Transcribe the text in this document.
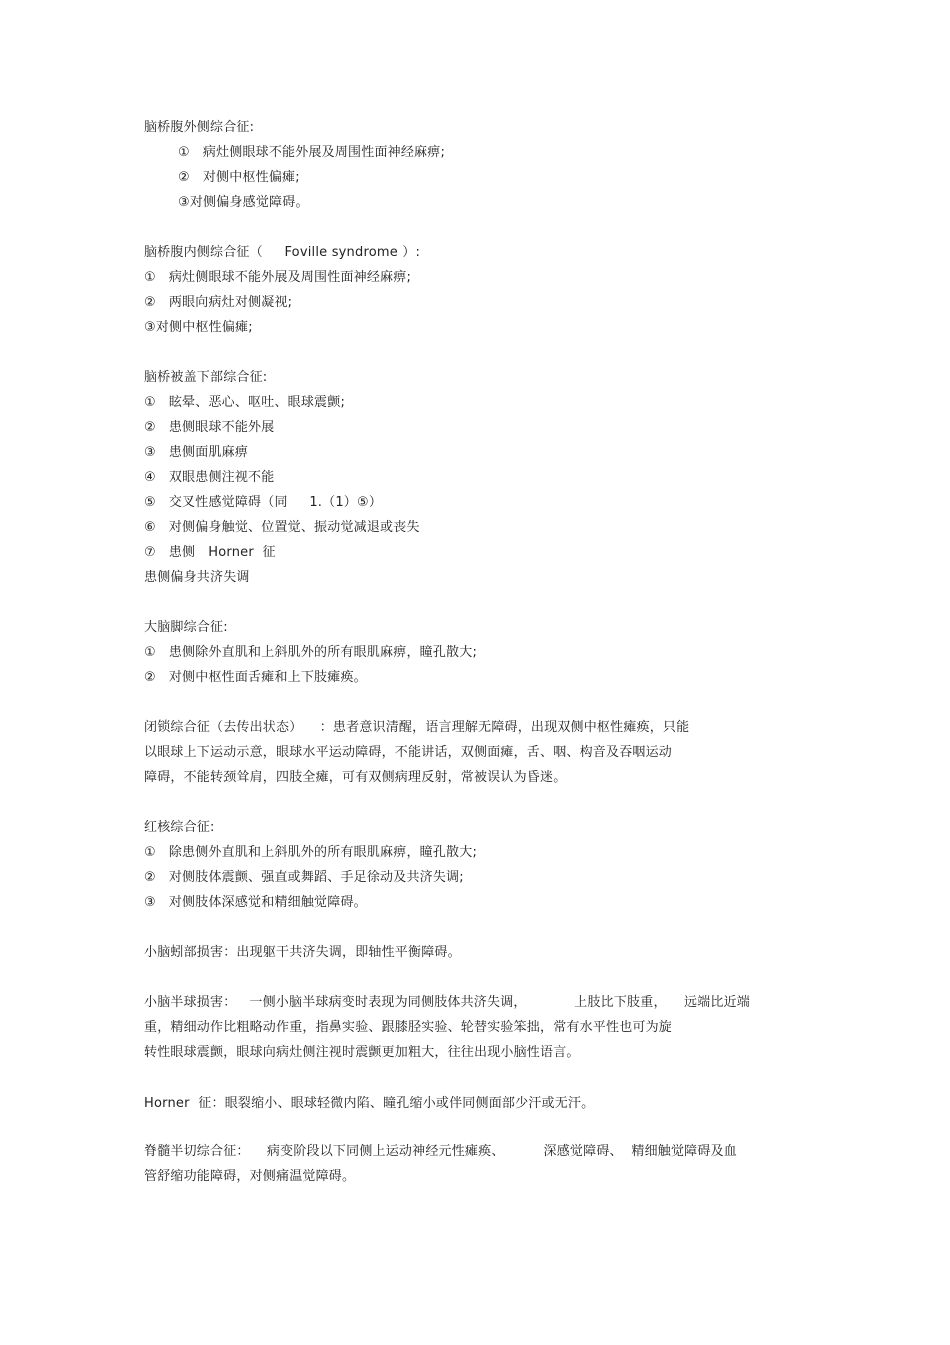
脑桥腹外侧综合征:
①   病灶侧眼球不能外展及周围性面神经麻痹;
②   对侧中枢性偏瘫;
③对侧偏身感觉障碍。
脑桥腹内侧综合征（     Foville syndrome ）:
①   病灶侧眼球不能外展及周围性面神经麻痹;
②   两眼向病灶对侧凝视;
③对侧中枢性偏瘫;
脑桥被盖下部综合征:
①   眩晕、恶心、呕吐、眼球震颤;
②   患侧眼球不能外展
③   患侧面肌麻痹
④   双眼患侧注视不能
⑤   交叉性感觉障碍（同     1.（1）⑤）
⑥   对侧偏身触觉、位置觉、振动觉减退或丧失
⑦   患侧   Horner  征
患侧偏身共济失调
大脑脚综合征:
①   患侧除外直肌和上斜肌外的所有眼肌麻痹，瞳孔散大;
②   对侧中枢性面舌瘫和上下肢瘫痪。
闭锁综合征（去传出状态）    ：患者意识清醒，语言理解无障碍，出现双侧中枢性瘫痪，只能
以眼球上下运动示意，眼球水平运动障碍，不能讲话，双侧面瘫，舌、咽、构音及吞咽运动
障碍，不能转颈耸肩，四肢全瘫，可有双侧病理反射，常被误认为昏迷。
红核综合征:
①   除患侧外直肌和上斜肌外的所有眼肌麻痹，瞳孔散大;
②   对侧肢体震颤、强直或舞蹈、手足徐动及共济失调;
③   对侧肢体深感觉和精细触觉障碍。
小脑蚓部损害：出现躯干共济失调，即轴性平衡障碍。
小脑半球损害：   一侧小脑半球病变时表现为同侧肢体共济失调，           上肢比下肢重，    远端比近端
重，精细动作比粗略动作重，指鼻实验、跟膝胫实验、轮替实验笨拙，常有水平性也可为旋
转性眼球震颤，眼球向病灶侧注视时震颤更加粗大，往往出现小脑性语言。
Horner  征：眼裂缩小、眼球轻微内陷、瞳孔缩小或伴同侧面部少汗或无汗。
脊髓半切综合征：    病变阶段以下同侧上运动神经元性瘫痪、         深感觉障碍、  精细触觉障碍及血
管舒缩功能障碍，对侧痛温觉障碍。
